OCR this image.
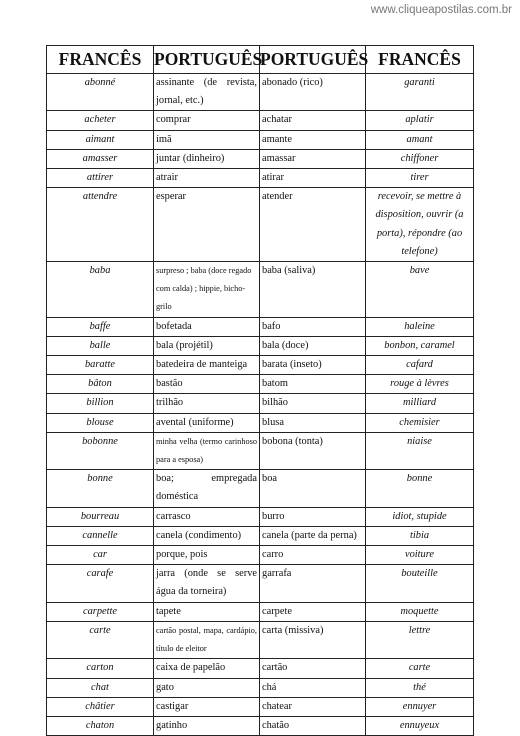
www.cliqueapostilas.com.br
FRANCÊS	PORTUGUÊS	PORTUGUÊS	FRANCÊS
abonné	assinante (de revista, jornal, etc.)	abonado (rico)	garanti
acheter	comprar	achatar	aplatir
aimant	ímã	amante	amant
amasser	juntar (dinheiro)	amassar	chiffoner
attirer	atrair	atirar	tirer
attendre	esperar	atender	recevoir, se mettre à disposition, ouvrir (a porta), répondre (ao telefone)
baba	surpreso ; baba (doce regado com calda) ; hippie, bicho-grilo	baba (saliva)	bave
baffe	bofetada	bafo	haleine
balle	bala (projétil)	bala (doce)	bonbon, caramel
baratte	batedeira de manteiga	barata (inseto)	cafard
bâton	bastão	batom	rouge à lèvres
billion	trilhão	bilhão	milliard
blouse	avental (uniforme)	blusa	chemisier
bobonne	minha velha (termo carinhoso para a esposa)	bobona (tonta)	niaise
bonne	boa; empregada doméstica	boa	bonne
bourreau	carrasco	burro	idiot, stupide
cannelle	canela (condimento)	canela (parte da perna)	tibia
car	porque, pois	carro	voiture
carafe	jarra (onde se serve água da torneira)	garrafa	bouteille
carpette	tapete	carpete	moquette
carte	cartão postal, mapa, cardápio, título de eleitor	carta (missiva)	lettre
carton	caixa de papelão	cartão	carte
chat	gato	chá	thé
châtier	castigar	chatear	ennuyer
chaton	gatinho	chatão	ennuyeux
